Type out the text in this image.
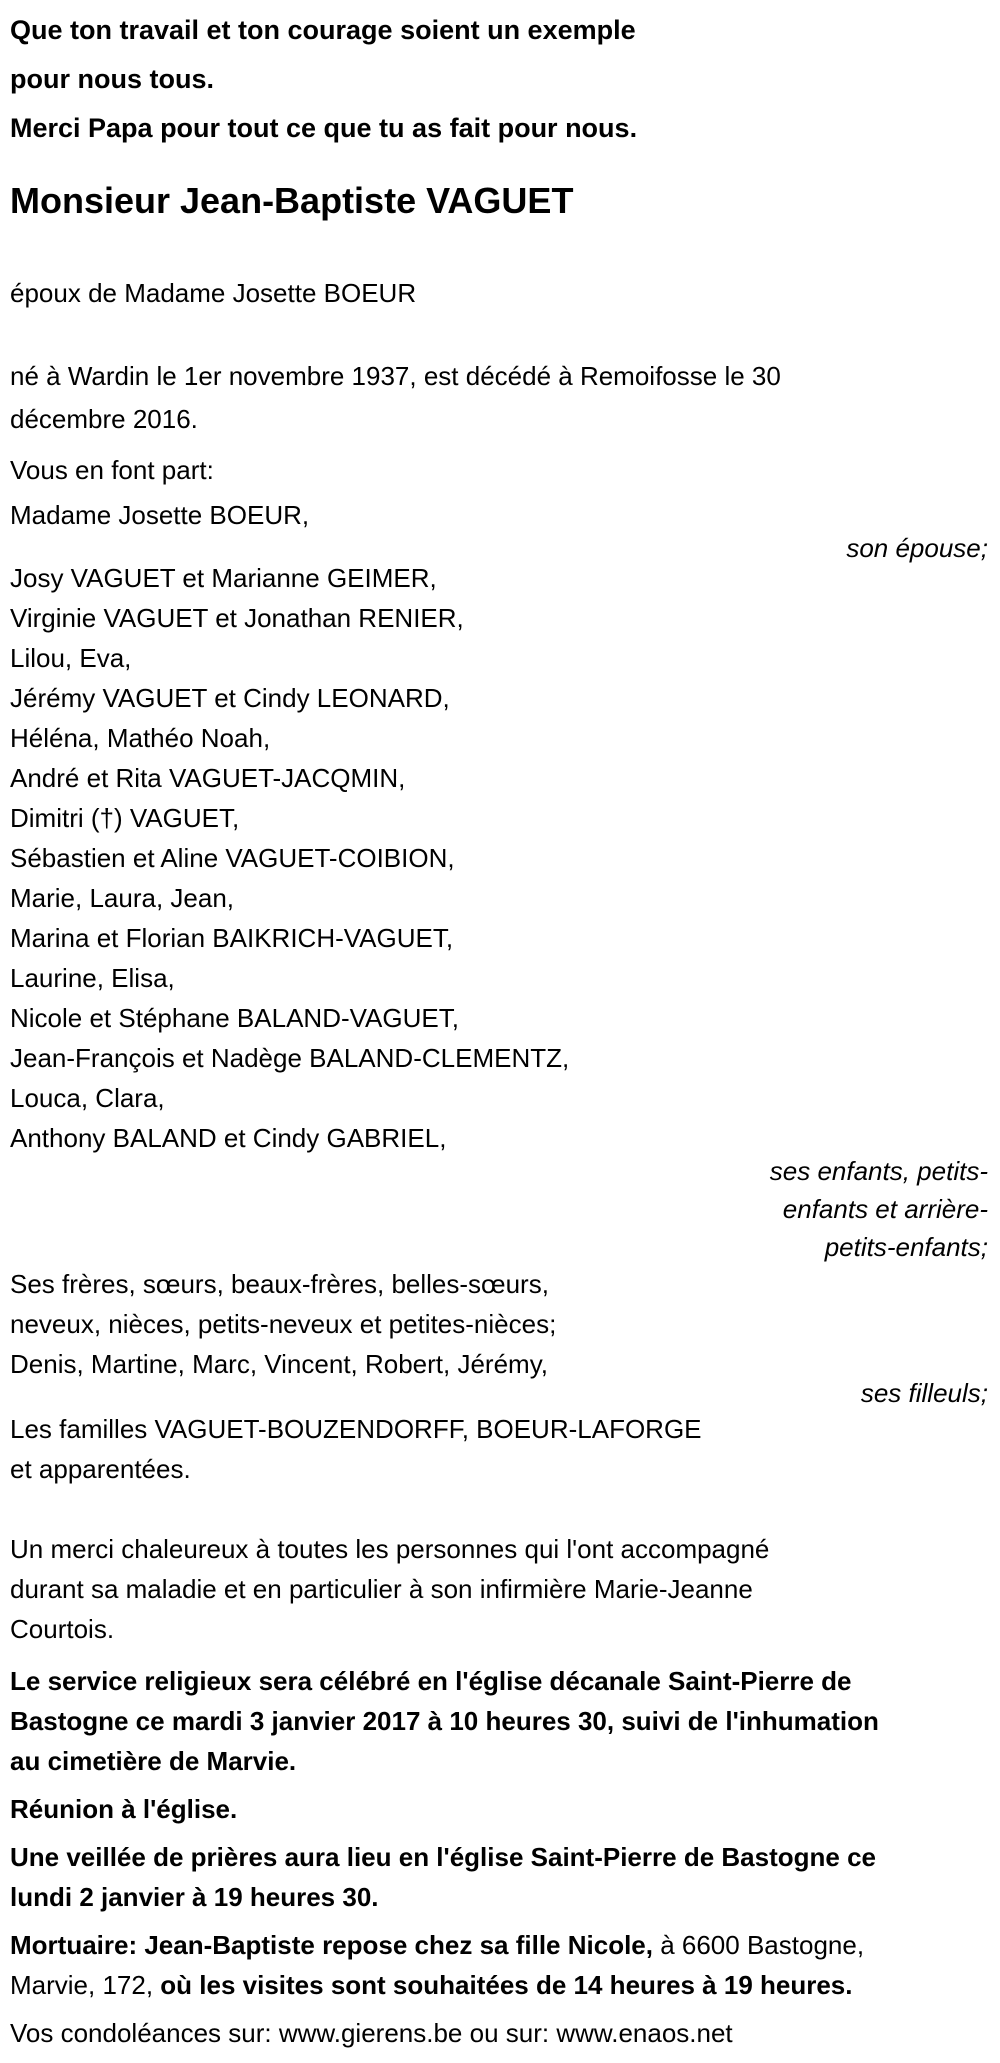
Que ton travail et ton courage soient un exemple
pour nous tous.
Merci Papa pour tout ce que tu as fait pour nous.
Monsieur Jean-Baptiste VAGUET
époux de Madame Josette BOEUR
né à Wardin le 1er novembre 1937, est décédé à Remoifosse le 30
décembre 2016.
Vous en font part:
Madame Josette BOEUR,
son épouse;
Josy VAGUET et Marianne GEIMER,
Virginie VAGUET et Jonathan RENIER,
Lilou, Eva,
Jérémy VAGUET et Cindy LEONARD,
Héléna, Mathéo Noah,
André et Rita VAGUET-JACQMIN,
Dimitri (†) VAGUET,
Sébastien et Aline VAGUET-COIBION,
Marie, Laura, Jean,
Marina et Florian BAIKRICH-VAGUET,
Laurine, Elisa,
Nicole et Stéphane BALAND-VAGUET,
Jean-François et Nadège BALAND-CLEMENTZ,
Louca, Clara,
Anthony BALAND et Cindy GABRIEL,
ses enfants, petits-
enfants et arrière-
petits-enfants;
Ses frères, sœurs, beaux-frères, belles-sœurs,
neveux, nièces, petits-neveux et petites-nièces;
Denis, Martine, Marc, Vincent, Robert, Jérémy,
ses filleuls;
Les familles VAGUET-BOUZENDORFF, BOEUR-LAFORGE
et apparentées.
Un merci chaleureux à toutes les personnes qui l'ont accompagné
durant sa maladie et en particulier à son infirmière Marie-Jeanne
Courtois.
Le service religieux sera célébré en l'église décanale Saint-Pierre de
Bastogne ce mardi 3 janvier 2017 à 10 heures 30, suivi de l'inhumation
au cimetière de Marvie.
Réunion à l'église.
Une veillée de prières aura lieu en l'église Saint-Pierre de Bastogne ce
lundi 2 janvier à 19 heures 30.
Mortuaire: Jean-Baptiste repose chez sa fille Nicole, à 6600 Bastogne,
Marvie, 172, où les visites sont souhaitées de 14 heures à 19 heures.
Vos condoléances sur: www.gierens.be ou sur: www.enaos.net
